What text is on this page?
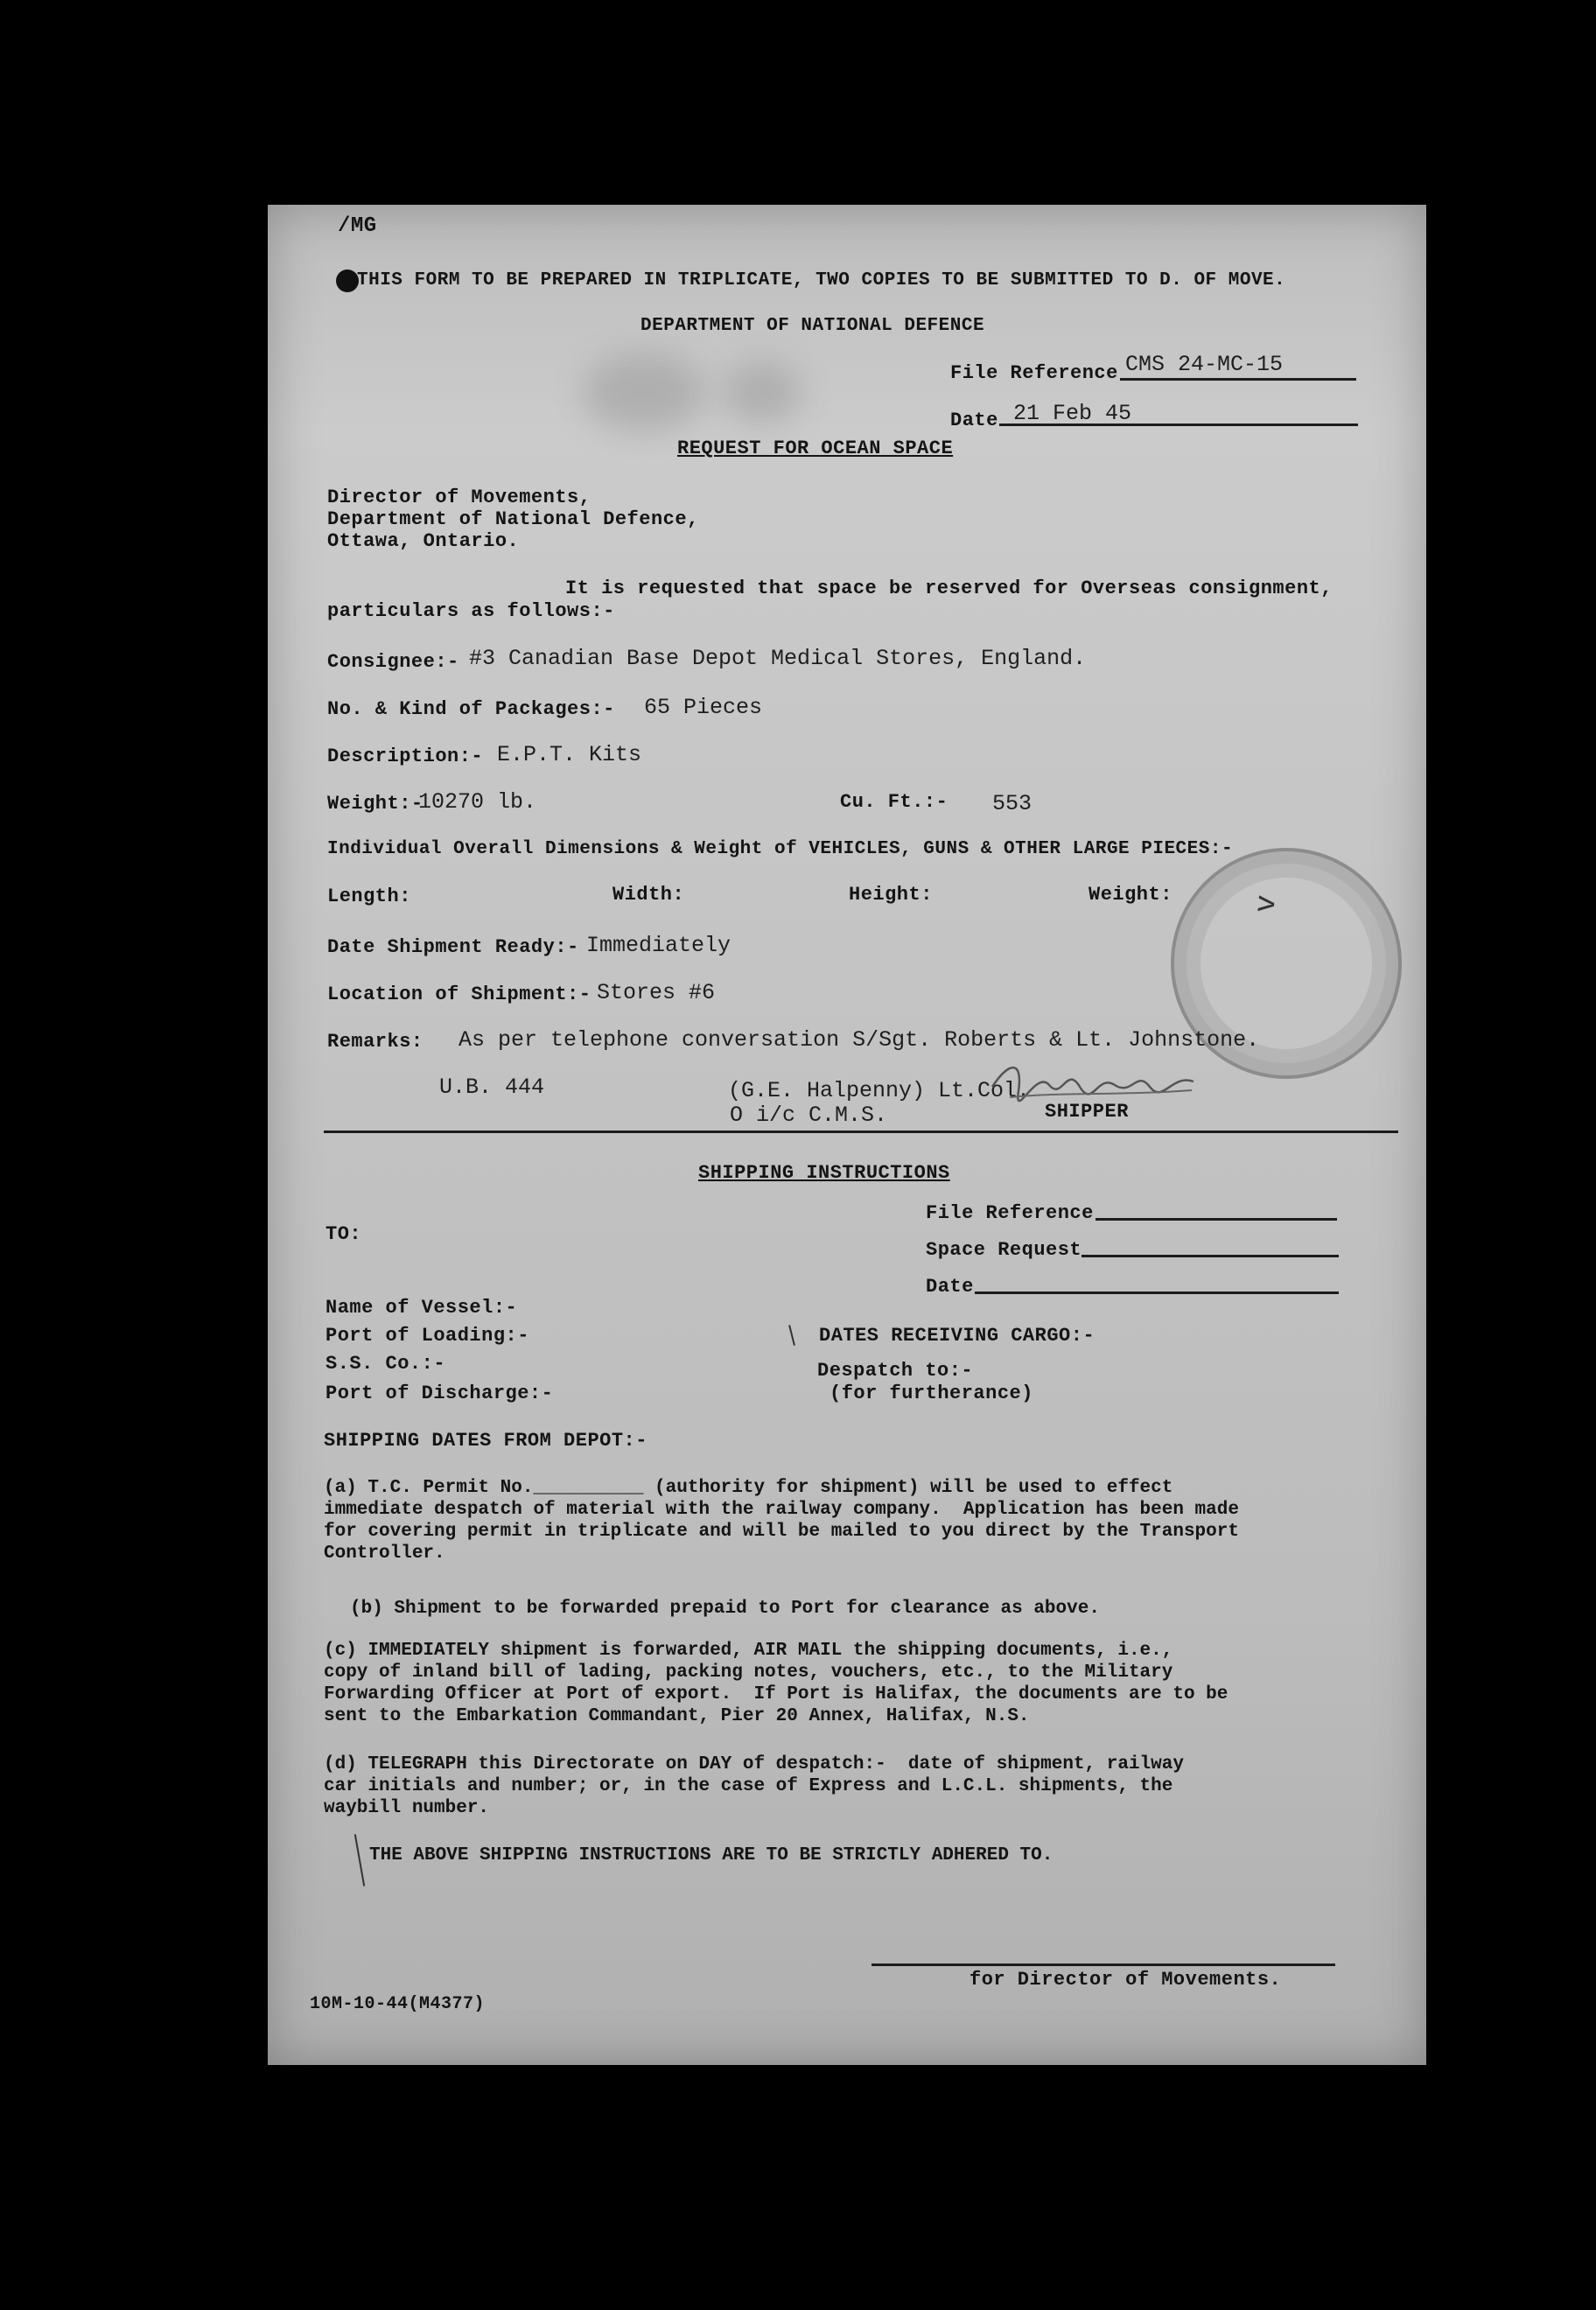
/MG
THIS FORM TO BE PREPARED IN TRIPLICATE, TWO COPIES TO BE SUBMITTED TO D. OF MOVE.
DEPARTMENT OF NATIONAL DEFENCE
File Reference CMS 24-MC-15
Date 21 Feb 45
REQUEST FOR OCEAN SPACE
Director of Movements,
Department of National Defence,
Ottawa, Ontario.
It is requested that space be reserved for Overseas consignment,
particulars as follows:-
Consignee:- #3 Canadian Base Depot Medical Stores, England.
No. & Kind of Packages:- 65 Pieces
Description:- E.P.T. Kits
Weight:-
10270 lb.	Cu. Ft.:- 553
Individual Overall Dimensions & Weight of VEHICLES, GUNS & OTHER LARGE PIECES:-
Length:	Width:	Height:	Weight:	ʌ
Date Shipment Ready:- Immediately
Location of Shipment:- Stores #6
Remarks: As per telephone conversation S/Sgt. Roberts & Lt. Johnstone.
U.B. 444	(G.E. Halpenny) Lt.Col.
O i/c C.M.S.	SHIPPER
SHIPPING INSTRUCTIONS
File Reference
Space Request
Date
TO:
Name of Vessel:-
Port of Loading:-
S.S. Co.:-
Port of Discharge:-
DATES RECEIVING CARGO:-
Despatch to:-
(for furtherance)
SHIPPING DATES FROM DEPOT:-
(a) T.C. Permit No.__________ (authority for shipment) will be used to effect
immediate despatch of material with the railway company.  Application has been made
for covering permit in triplicate and will be mailed to you direct by the Transport
Controller.
(b) Shipment to be forwarded prepaid to Port for clearance as above.
(c) IMMEDIATELY shipment is forwarded, AIR MAIL the shipping documents, i.e.,
copy of inland bill of lading, packing notes, vouchers, etc., to the Military
Forwarding Officer at Port of export.  If Port is Halifax, the documents are to be
sent to the Embarkation Commandant, Pier 20 Annex, Halifax, N.S.
(d) TELEGRAPH this Directorate on DAY of despatch:-  date of shipment, railway
car initials and number; or, in the case of Express and L.C.L. shipments, the
waybill number.
THE ABOVE SHIPPING INSTRUCTIONS ARE TO BE STRICTLY ADHERED TO.
for Director of Movements.
10M-10-44(M4377)
